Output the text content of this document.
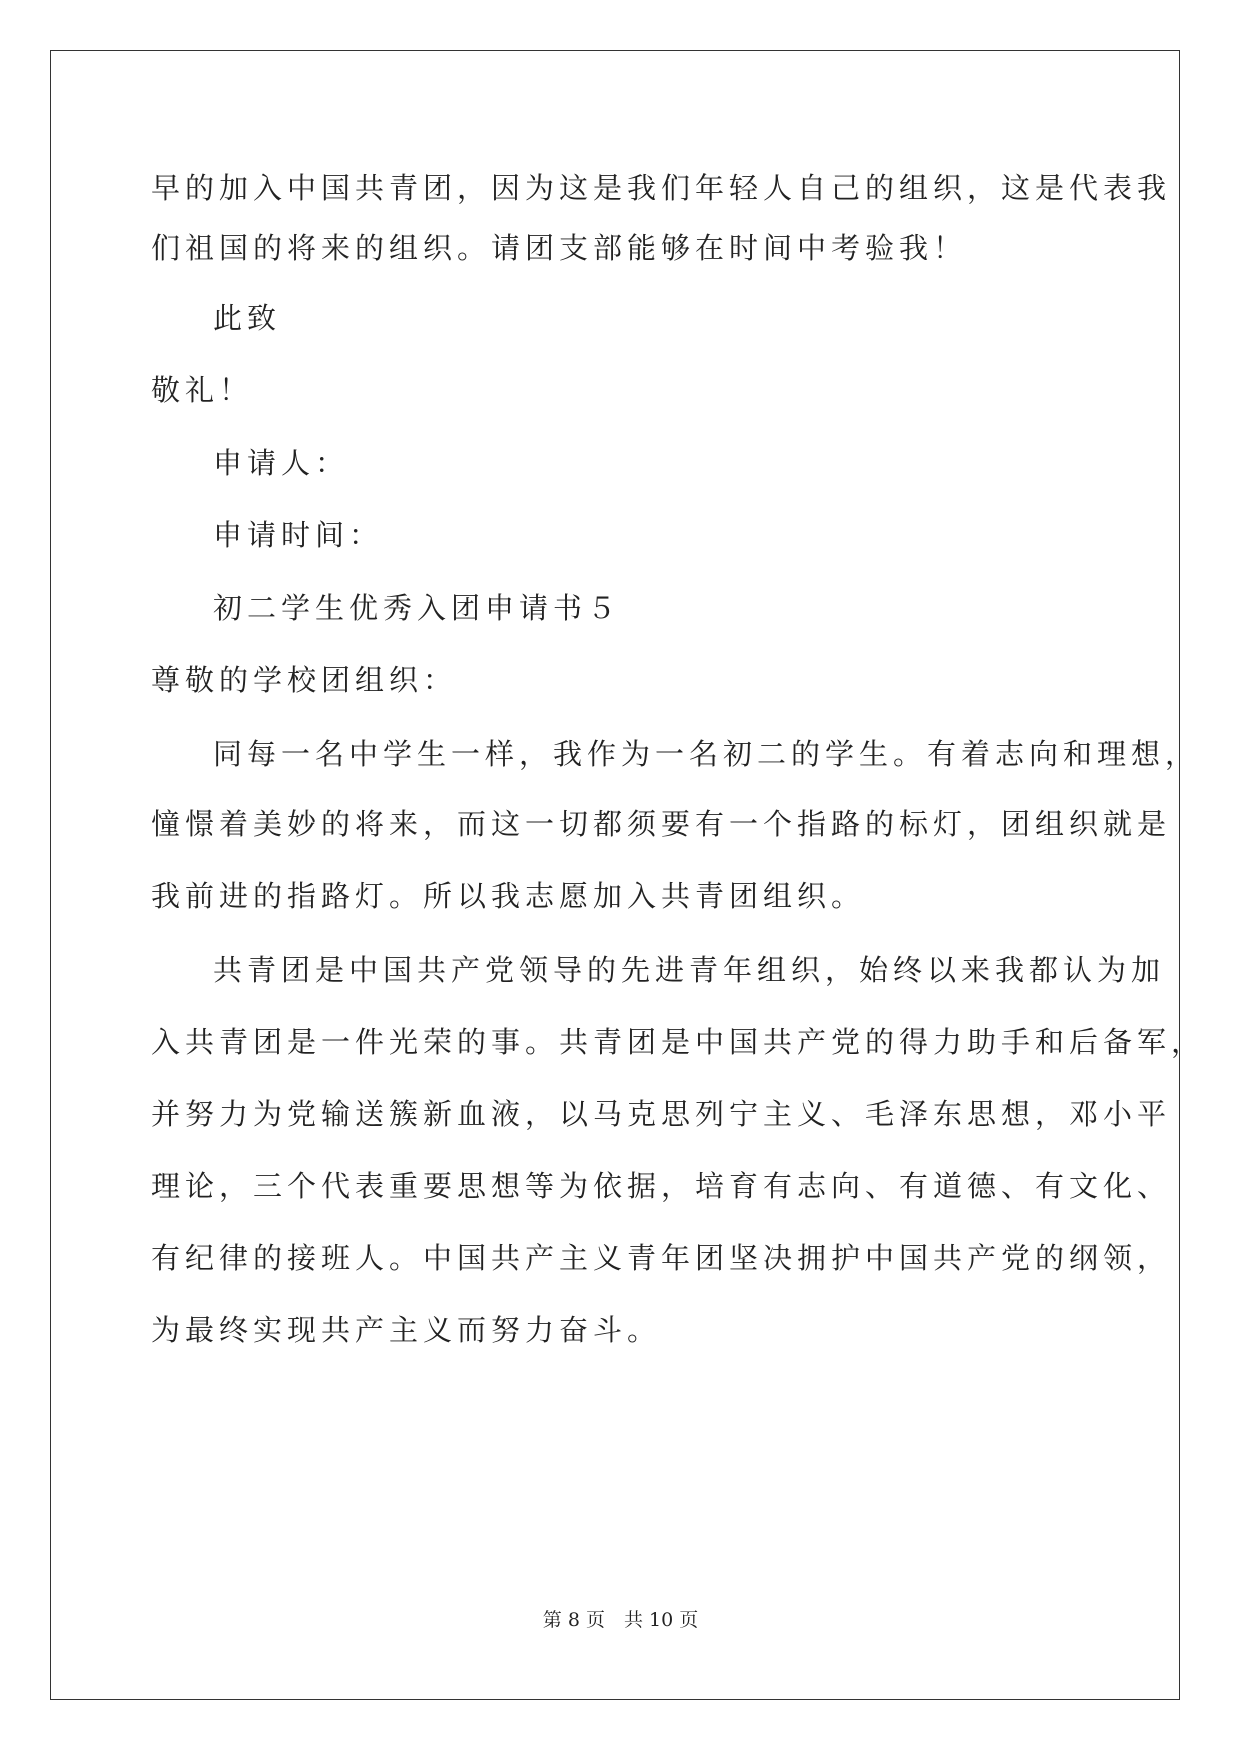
早的加入中国共青团，因为这是我们年轻人自己的组织，这是代表我
们祖国的将来的组织。请团支部能够在时间中考验我！
此致
敬礼！
申请人：
申请时间：
初二学生优秀入团申请书５
尊敬的学校团组织：
同每一名中学生一样，我作为一名初二的学生。有着志向和理想，
憧憬着美妙的将来，而这一切都须要有一个指路的标灯，团组织就是
我前进的指路灯。所以我志愿加入共青团组织。
共青团是中国共产党领导的先进青年组织，始终以来我都认为加
入共青团是一件光荣的事。共青团是中国共产党的得力助手和后备军，
并努力为党输送簇新血液，以马克思列宁主义、毛泽东思想，邓小平
理论，三个代表重要思想等为依据，培育有志向、有道德、有文化、
有纪律的接班人。中国共产主义青年团坚决拥护中国共产党的纲领，
为最终实现共产主义而努力奋斗。
第 8 页　共 10 页
